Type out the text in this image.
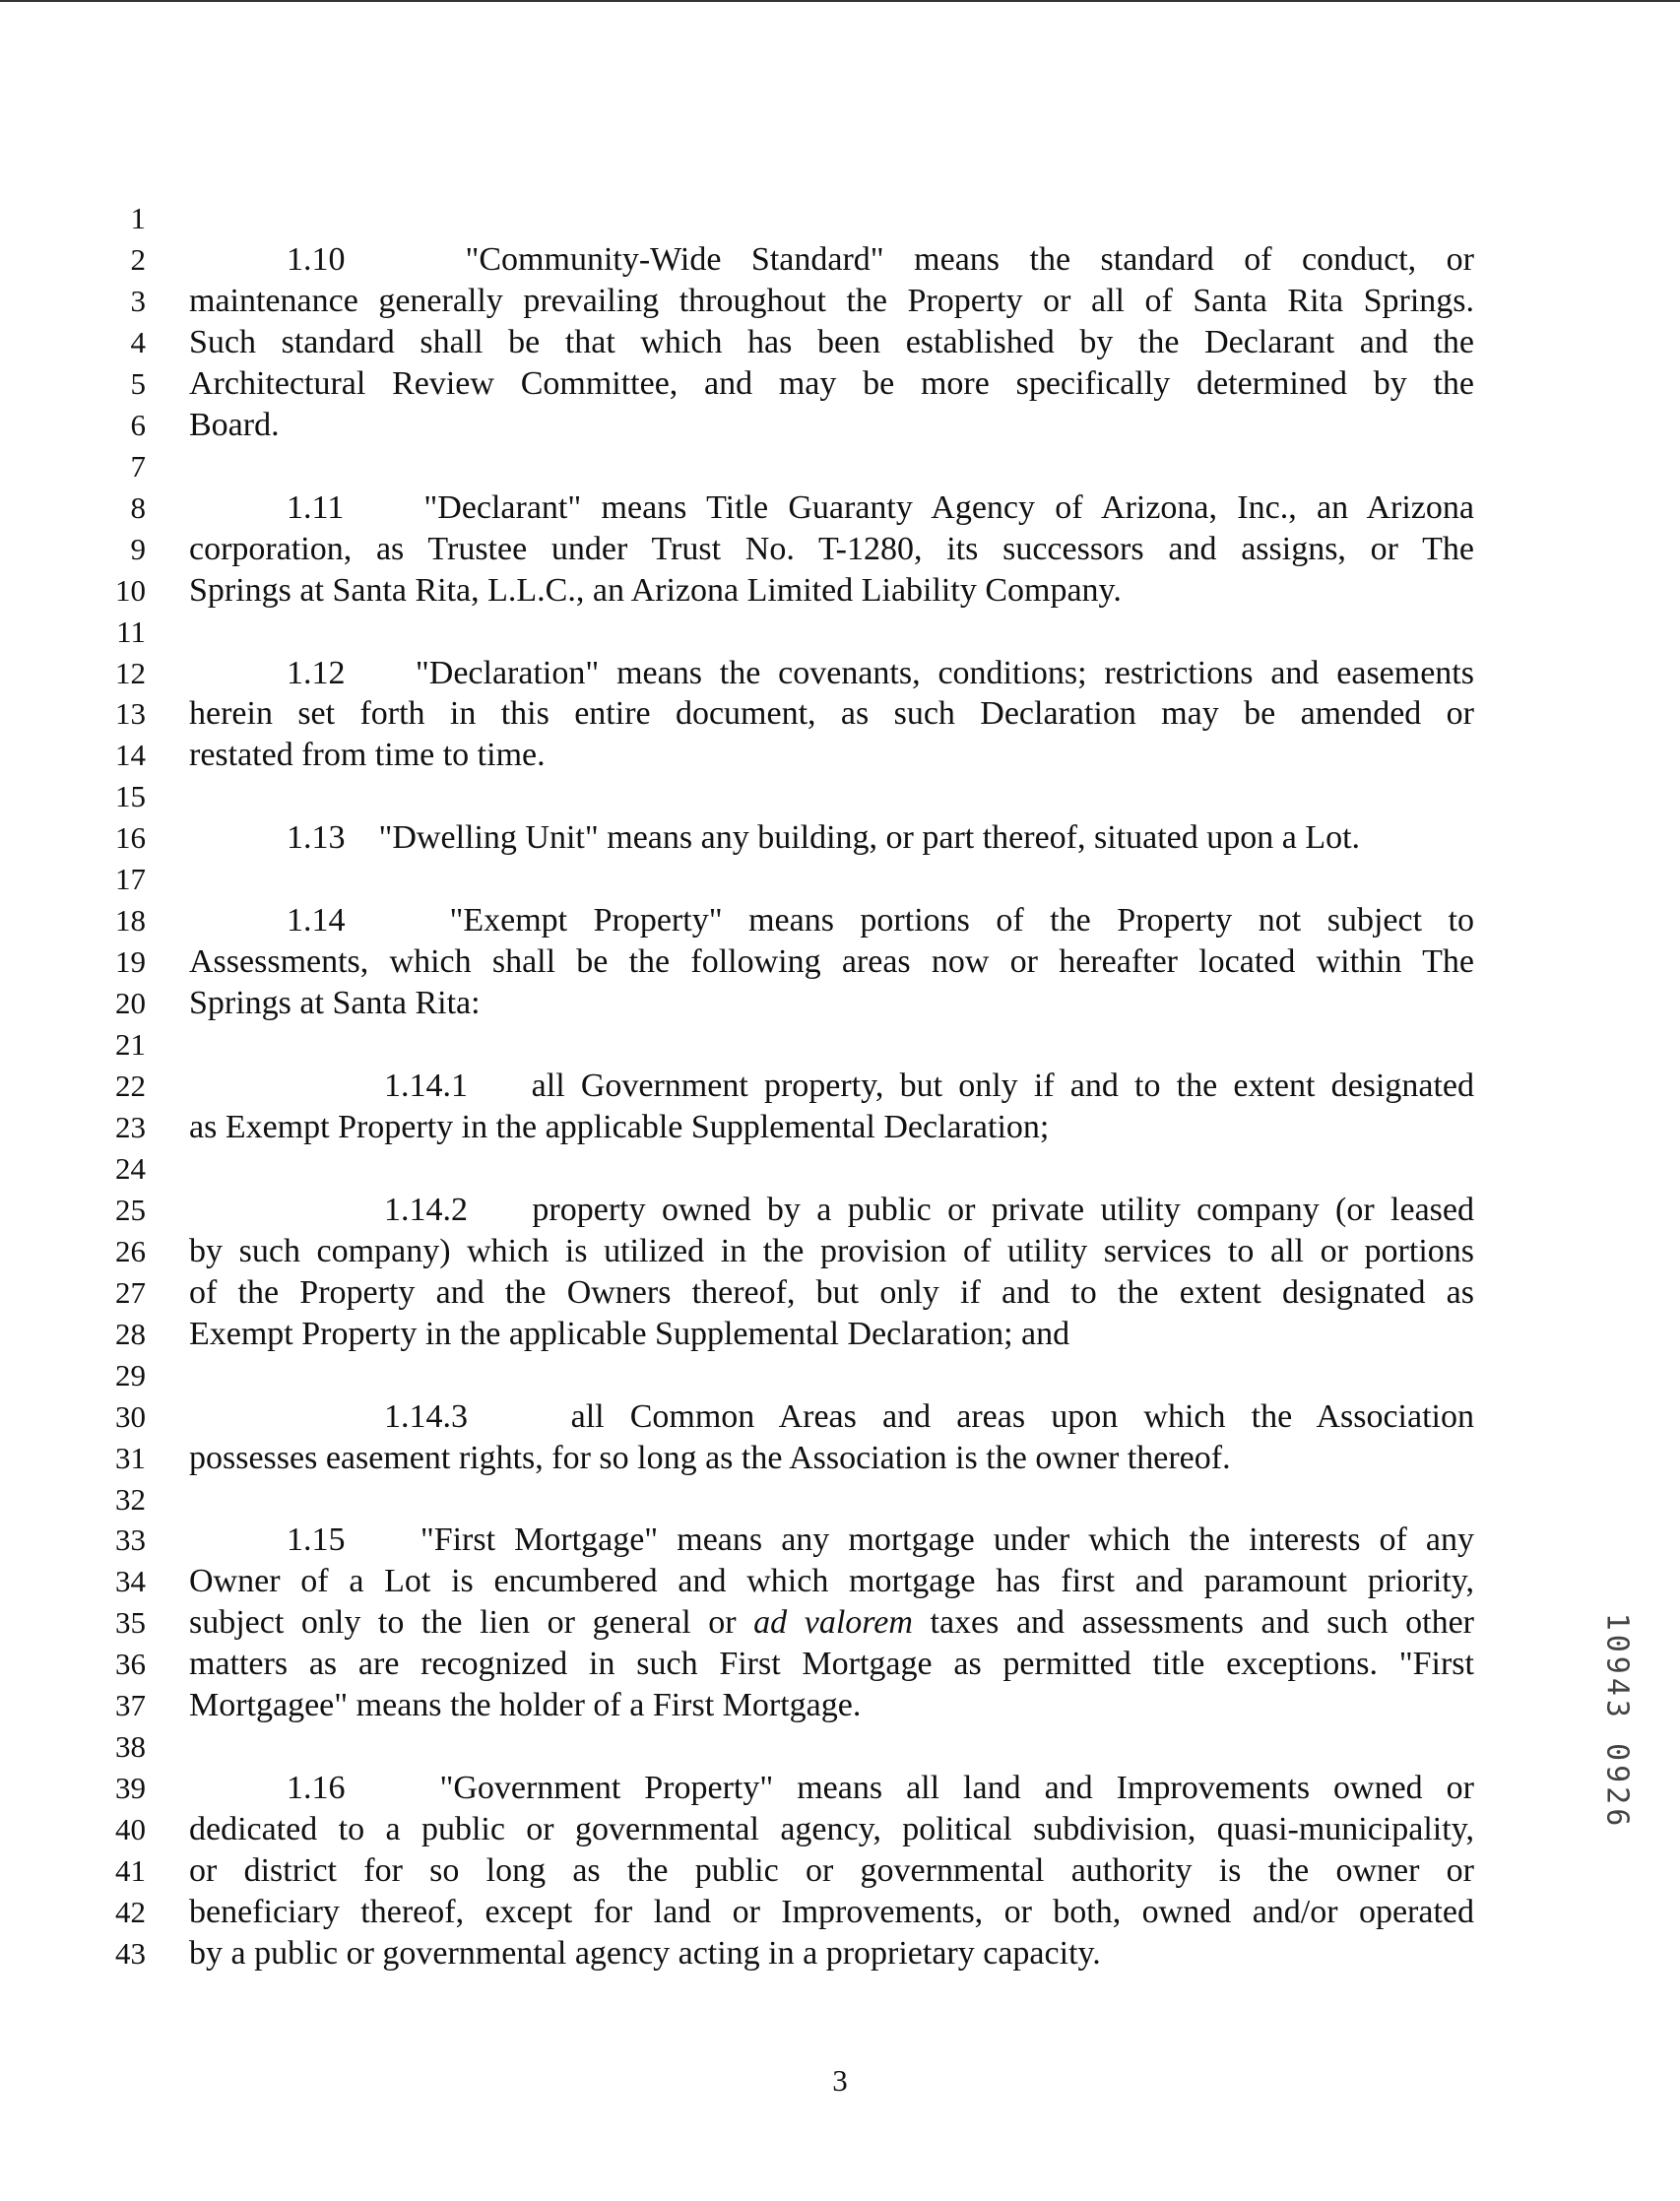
1
2	1.10    "Community-Wide Standard" means the standard of conduct, or
3 maintenance generally prevailing throughout the Property or all of Santa Rita Springs.
4 Such standard shall be that which has been established by the Declarant and the
5 Architectural Review Committee, and may be more specifically determined by the
6 Board.
7
8	1.11    "Declarant" means Title Guaranty Agency of Arizona, Inc., an Arizona
9 corporation, as Trustee under Trust No. T-1280, its successors and assigns, or The
10 Springs at Santa Rita, L.L.C., an Arizona Limited Liability Company.
11
12	1.12    "Declaration" means the covenants, conditions; restrictions and easements
13 herein set forth in this entire document, as such Declaration may be amended or
14 restated from time to time.
15
16	1.13    "Dwelling Unit" means any building, or part thereof, situated upon a Lot.
17
18	1.14    "Exempt Property" means portions of the Property not subject to
19 Assessments, which shall be the following areas now or hereafter located within The
20 Springs at Santa Rita:
21
22	1.14.1    all Government property, but only if and to the extent designated
23 as Exempt Property in the applicable Supplemental Declaration;
24
25	1.14.2    property owned by a public or private utility company (or leased
26 by such company) which is utilized in the provision of utility services to all or portions
27 of the Property and the Owners thereof, but only if and to the extent designated as
28 Exempt Property in the applicable Supplemental Declaration; and
29
30	1.14.3    all Common Areas and areas upon which the Association
31 possesses easement rights, for so long as the Association is the owner thereof.
32
33	1.15    "First Mortgage" means any mortgage under which the interests of any
34 Owner of a Lot is encumbered and which mortgage has first and paramount priority,
35 subject only to the lien or general or ad valorem taxes and assessments and such other
36 matters as are recognized in such First Mortgage as permitted title exceptions. "First
37 Mortgagee" means the holder of a First Mortgage.
38
39	1.16    "Government Property" means all land and Improvements owned or
40 dedicated to a public or governmental agency, political subdivision, quasi-municipality,
41 or district for so long as the public or governmental authority is the owner or
42 beneficiary thereof, except for land or Improvements, or both, owned and/or operated
43 by a public or governmental agency acting in a proprietary capacity.
3
10943 0926
